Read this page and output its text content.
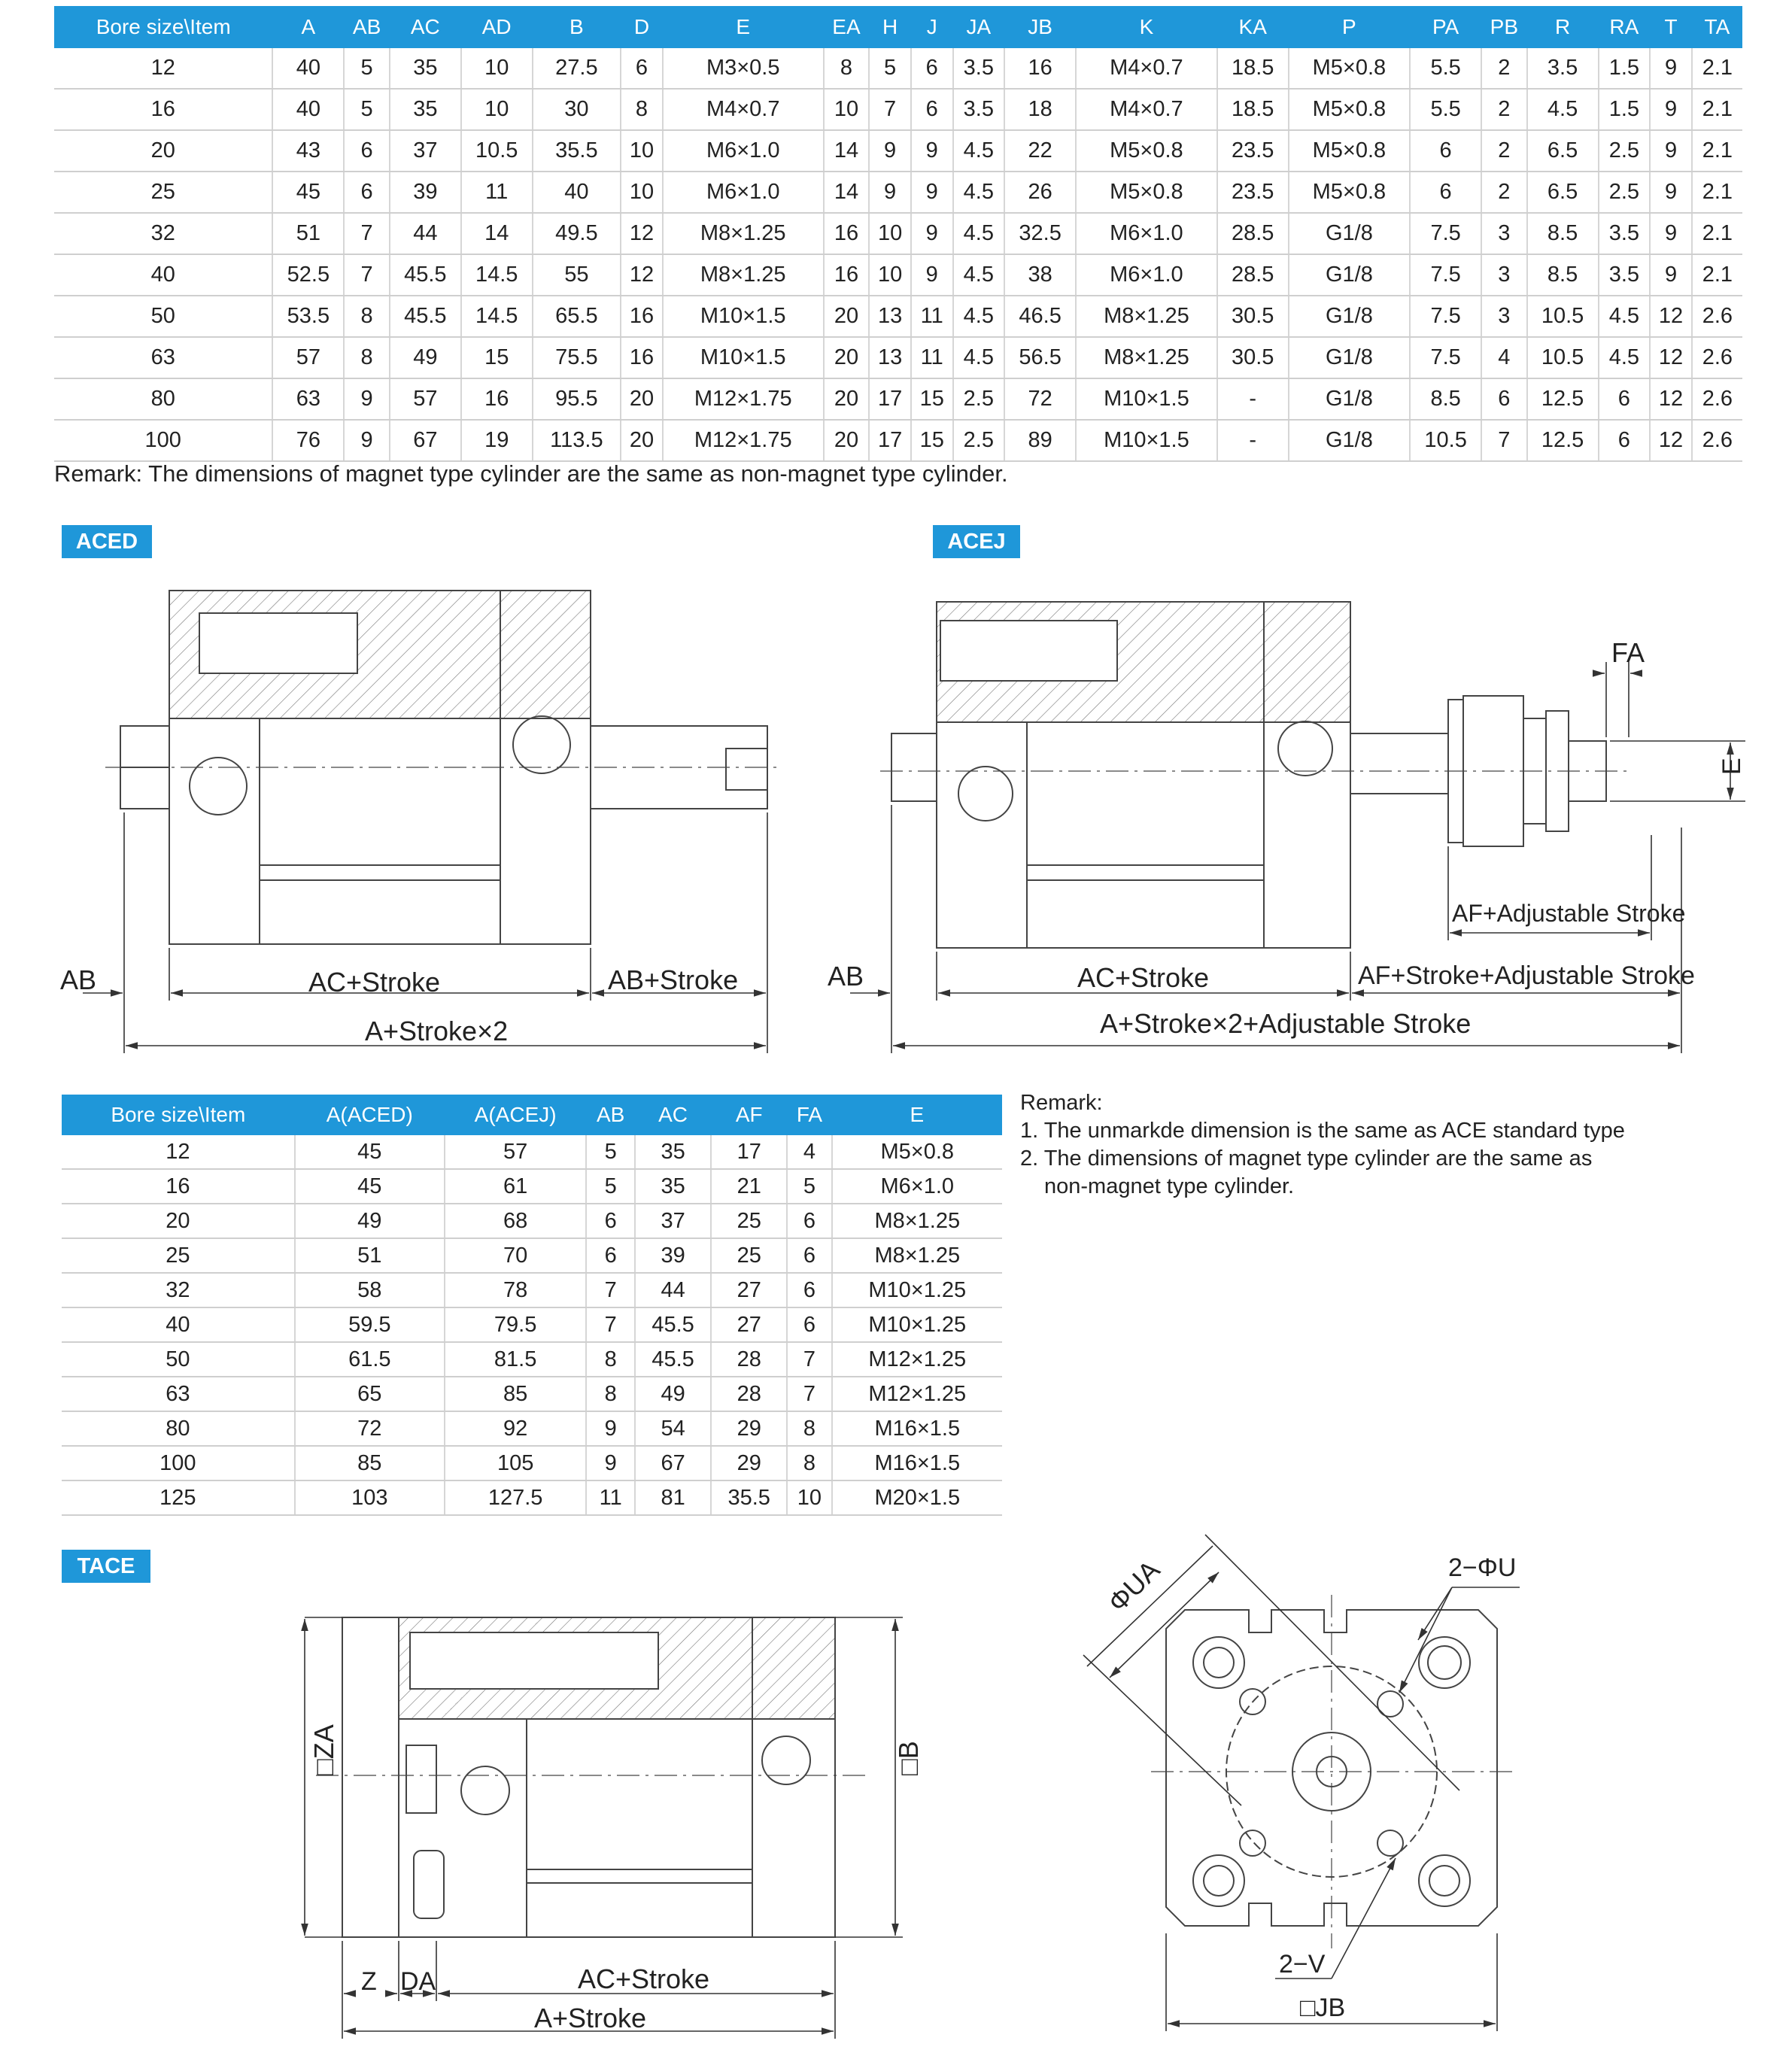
Bore size\Item	A	AB	AC	AD	B	D	E	EA	H	J	JA	JB	K	KA	P	PA	PB	R	RA	T	TA
12	40	5	35	10	27.5	6	M3×0.5	8	5	6	3.5	16	M4×0.7	18.5	M5×0.8	5.5	2	3.5	1.5	9	2.1
16	40	5	35	10	30	8	M4×0.7	10	7	6	3.5	18	M4×0.7	18.5	M5×0.8	5.5	2	4.5	1.5	9	2.1
20	43	6	37	10.5	35.5	10	M6×1.0	14	9	9	4.5	22	M5×0.8	23.5	M5×0.8	6	2	6.5	2.5	9	2.1
25	45	6	39	11	40	10	M6×1.0	14	9	9	4.5	26	M5×0.8	23.5	M5×0.8	6	2	6.5	2.5	9	2.1
32	51	7	44	14	49.5	12	M8×1.25	16	10	9	4.5	32.5	M6×1.0	28.5	G1/8	7.5	3	8.5	3.5	9	2.1
40	52.5	7	45.5	14.5	55	12	M8×1.25	16	10	9	4.5	38	M6×1.0	28.5	G1/8	7.5	3	8.5	3.5	9	2.1
50	53.5	8	45.5	14.5	65.5	16	M10×1.5	20	13	11	4.5	46.5	M8×1.25	30.5	G1/8	7.5	3	10.5	4.5	12	2.6
63	57	8	49	15	75.5	16	M10×1.5	20	13	11	4.5	56.5	M8×1.25	30.5	G1/8	7.5	4	10.5	4.5	12	2.6
80	63	9	57	16	95.5	20	M12×1.75	20	17	15	2.5	72	M10×1.5	-	G1/8	8.5	6	12.5	6	12	2.6
100	76	9	67	19	113.5	20	M12×1.75	20	17	15	2.5	89	M10×1.5	-	G1/8	10.5	7	12.5	6	12	2.6
Remark: The dimensions of magnet type cylinder are the same as non-magnet type cylinder.
ACED	ACEJ
Bore size\Item	A(ACED)	A(ACEJ)	AB	AC	AF	FA	E
12	45	57	5	35	17	4	M5×0.8
16	45	61	5	35	21	5	M6×1.0
20	49	68	6	37	25	6	M8×1.25
25	51	70	6	39	25	6	M8×1.25
32	58	78	7	44	27	6	M10×1.25
40	59.5	79.5	7	45.5	27	6	M10×1.25
50	61.5	81.5	8	45.5	28	7	M12×1.25
63	65	85	8	49	28	7	M12×1.25
80	72	92	9	54	29	8	M16×1.5
100	85	105	9	67	29	8	M16×1.5
125	103	127.5	11	81	35.5	10	M20×1.5
Remark:
1. The unmarkde dimension is the same as ACE standard type
2. The dimensions of magnet type cylinder are the same as
non-magnet type cylinder.
TACE
AB	AC+Stroke	AB+Stroke
A+Stroke×2
FA
E
AF+Adjustable Stroke
AB	AC+Stroke	AF+Stroke+Adjustable Stroke
A+Stroke×2+Adjustable Stroke
□ZA	□B
Z DA	AC+Stroke
A+Stroke
ΦUA	2−ΦU
2−V
□JB
